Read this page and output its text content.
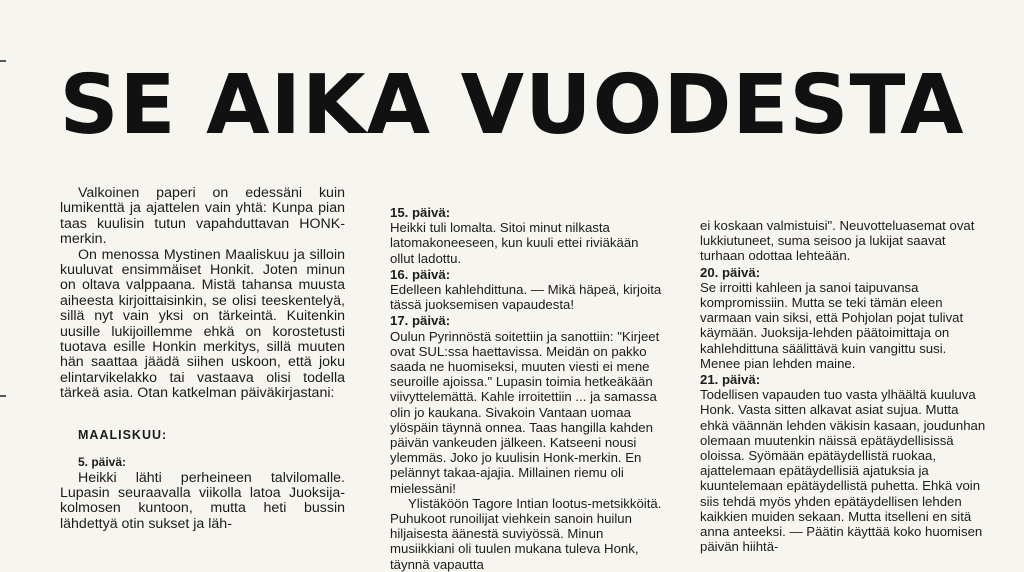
SE AIKA VUODESTA

Valkoinen paperi on edessäni kuin lumikenttä ja ajattelen vain yhtä: Kunpa pian taas kuulisin tutun vapahduttavan HONK-merkin.

On menossa Mystinen Maaliskuu ja silloin kuuluvat ensimmäiset Honkit. Joten minun on oltava valppaana. Mistä tahansa muusta aiheesta kirjoittaisinkin, se olisi teeskentelyä, sillä nyt vain yksi on tärkeintä. Kuitenkin uusille lukijoillemme ehkä on korostetusti tuotava esille Honkin merkitys, sillä muuten hän saattaa jäädä siihen uskoon, että joku elintarvikelakko tai vastaava olisi todella tärkeä asia. Otan katkelman päiväkirjastani:

MAALISKUU:

5. päivä:

Heikki lähti perheineen talvilomalle. Lupasin seuraavalla viikolla latoa Juoksija-kolmosen kuntoon, mutta heti bussin lähdettyä otin sukset ja läh-

15. päivä:

Heikki tuli lomalta. Sitoi minut nilkasta latomakoneeseen, kun kuuli ettei riviäkään ollut ladottu.

16. päivä:

Edelleen kahlehdittuna. — Mikä häpeä, kirjoita tässä juoksemisen vapaudesta!

17. päivä:

Oulun Pyrinnöstä soitettiin ja sanottiin: "Kirjeet ovat SUL:ssa haettavissa. Meidän on pakko saada ne huomiseksi, muuten viesti ei mene seuroille ajoissa." Lupasin toimia hetkeäkään viivyttelemättä. Kahle irroitettiin ... ja samassa olin jo kaukana. Sivakoin Vantaan uomaa ylöspäin täynnä onnea. Taas hangilla kahden päivän vankeuden jälkeen. Katseeni nousi ylemmäs. Joko jo kuulisin Honk-merkin. En pelännyt takaa-ajajia. Millainen riemu oli mielessäni!

Ylistäköön Tagore Intian lootus-metsikköitä. Puhukoot runoilijat viehkein sanoin huilun hiljaisesta äänestä suviyössä. Minun musiikkiani oli tuulen mukana tuleva Honk, täynnä vapautta

ei koskaan valmistuisi". Neuvotteluasemat ovat lukkiutuneet, suma seisoo ja lukijat saavat turhaan odottaa lehteään.

20. päivä:

Se irroitti kahleen ja sanoi taipuvansa kompromissiin. Mutta se teki tämän eleen varmaan vain siksi, että Pohjolan pojat tulivat käymään. Juoksija-lehden päätoimittaja on kahlehdittuna säälittävä kuin vangittu susi. Menee pian lehden maine.

21. päivä:

Todellisen vapauden tuo vasta ylhäältä kuuluva Honk. Vasta sitten alkavat asiat sujua. Mutta ehkä väännän lehden väkisin kasaan, joudunhan olemaan muutenkin näissä epätäydellisissä oloissa. Syömään epätäydellistä ruokaa, ajattelemaan epätäydellisiä ajatuksia ja kuuntelemaan epätäydellistä puhetta. Ehkä voin siis tehdä myös yhden epätäydellisen lehden kaikkien muiden sekaan. Mutta itselleni en sitä anna anteeksi. — Päätin käyttää koko huomisen päivän hiihtä-
